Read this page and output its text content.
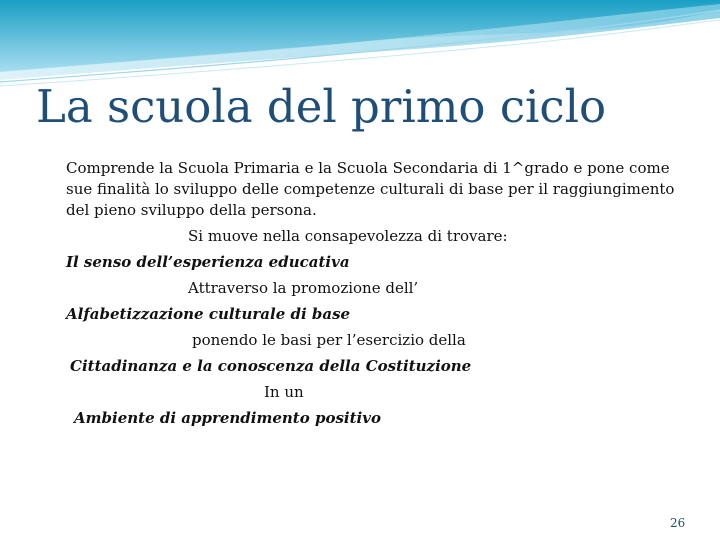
La scuola del primo ciclo

Comprende la Scuola Primaria e la Scuola Secondaria di 1^grado e pone come sue finalità lo sviluppo delle competenze culturali di base per il raggiungimento del pieno sviluppo della persona.

Si muove nella consapevolezza di trovare:
Il senso dell’esperienza educativa
Attraverso la promozione dell’
Alfabetizzazione culturale di base
ponendo le basi per l’esercizio della
Cittadinanza e la conoscenza della Costituzione
In un
Ambiente di apprendimento positivo
26
